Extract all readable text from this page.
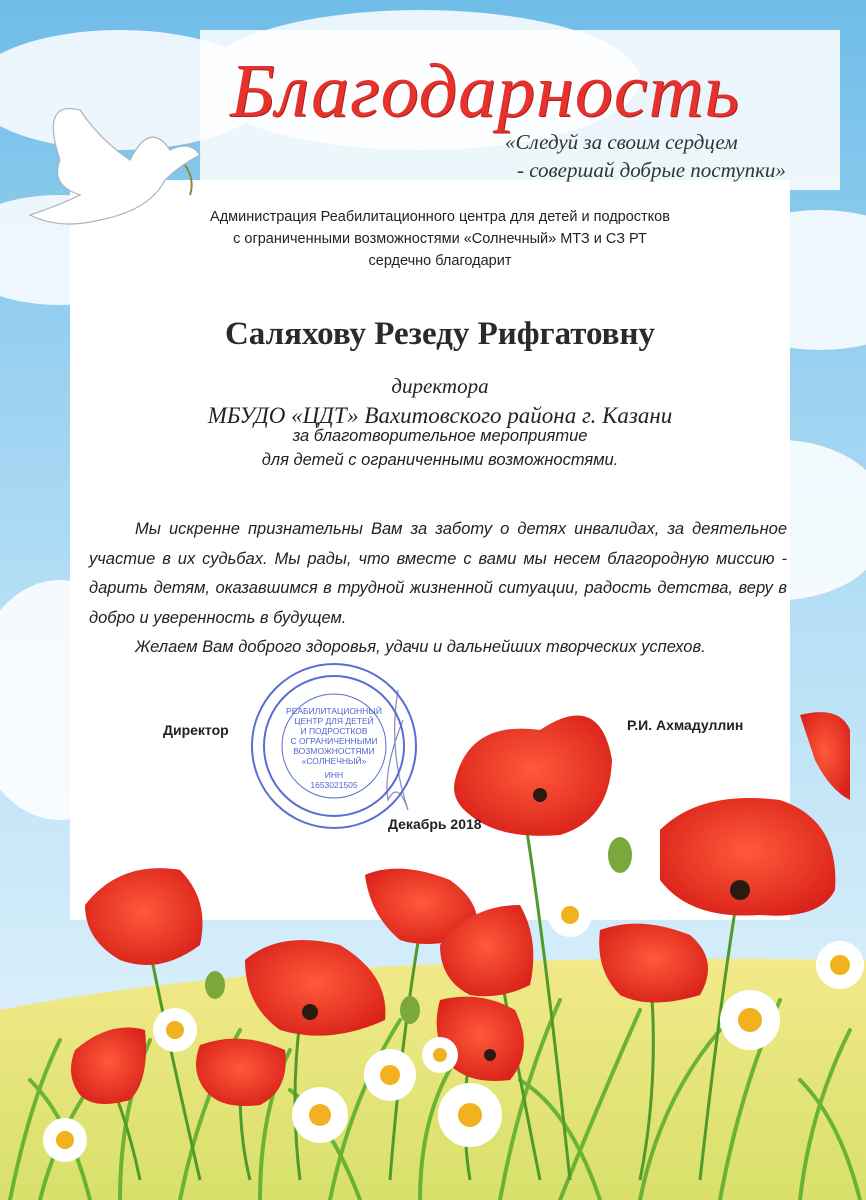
Благодарность
«Следуй за своим сердцем
- совершай добрые поступки»
Администрация Реабилитационного центра для детей и подростков
с ограниченными возможностями «Солнечный» МТЗ и СЗ РТ
сердечно благодарит
Саляхову Резеду Рифгатовну
директора
МБУДО «ЦДТ» Вахитовского района г. Казани
за благотворительное мероприятие
для детей с ограниченными возможностями.

Мы искренне признательны Вам за заботу о детях инвалидах, за деятельное участие в их судьбах. Мы рады, что вместе с вами мы несем благородную миссию - дарить детям, оказавшимся в трудной жизненной ситуации, радость детства, веру в добро и уверенность в будущем.

Желаем Вам доброго здоровья, удачи и дальнейших творческих успехов.

РЕАБИЛИТАЦИОННЫЙ
ЦЕНТР ДЛЯ ДЕТЕЙ
И ПОДРОСТКОВ
С ОГРАНИЧЕННЫМИ
ВОЗМОЖНОСТЯМИ
«СОЛНЕЧНЫЙ»
ИНН
1653021505
Директор	Р.И. Ахмадуллин
Декабрь 2018
